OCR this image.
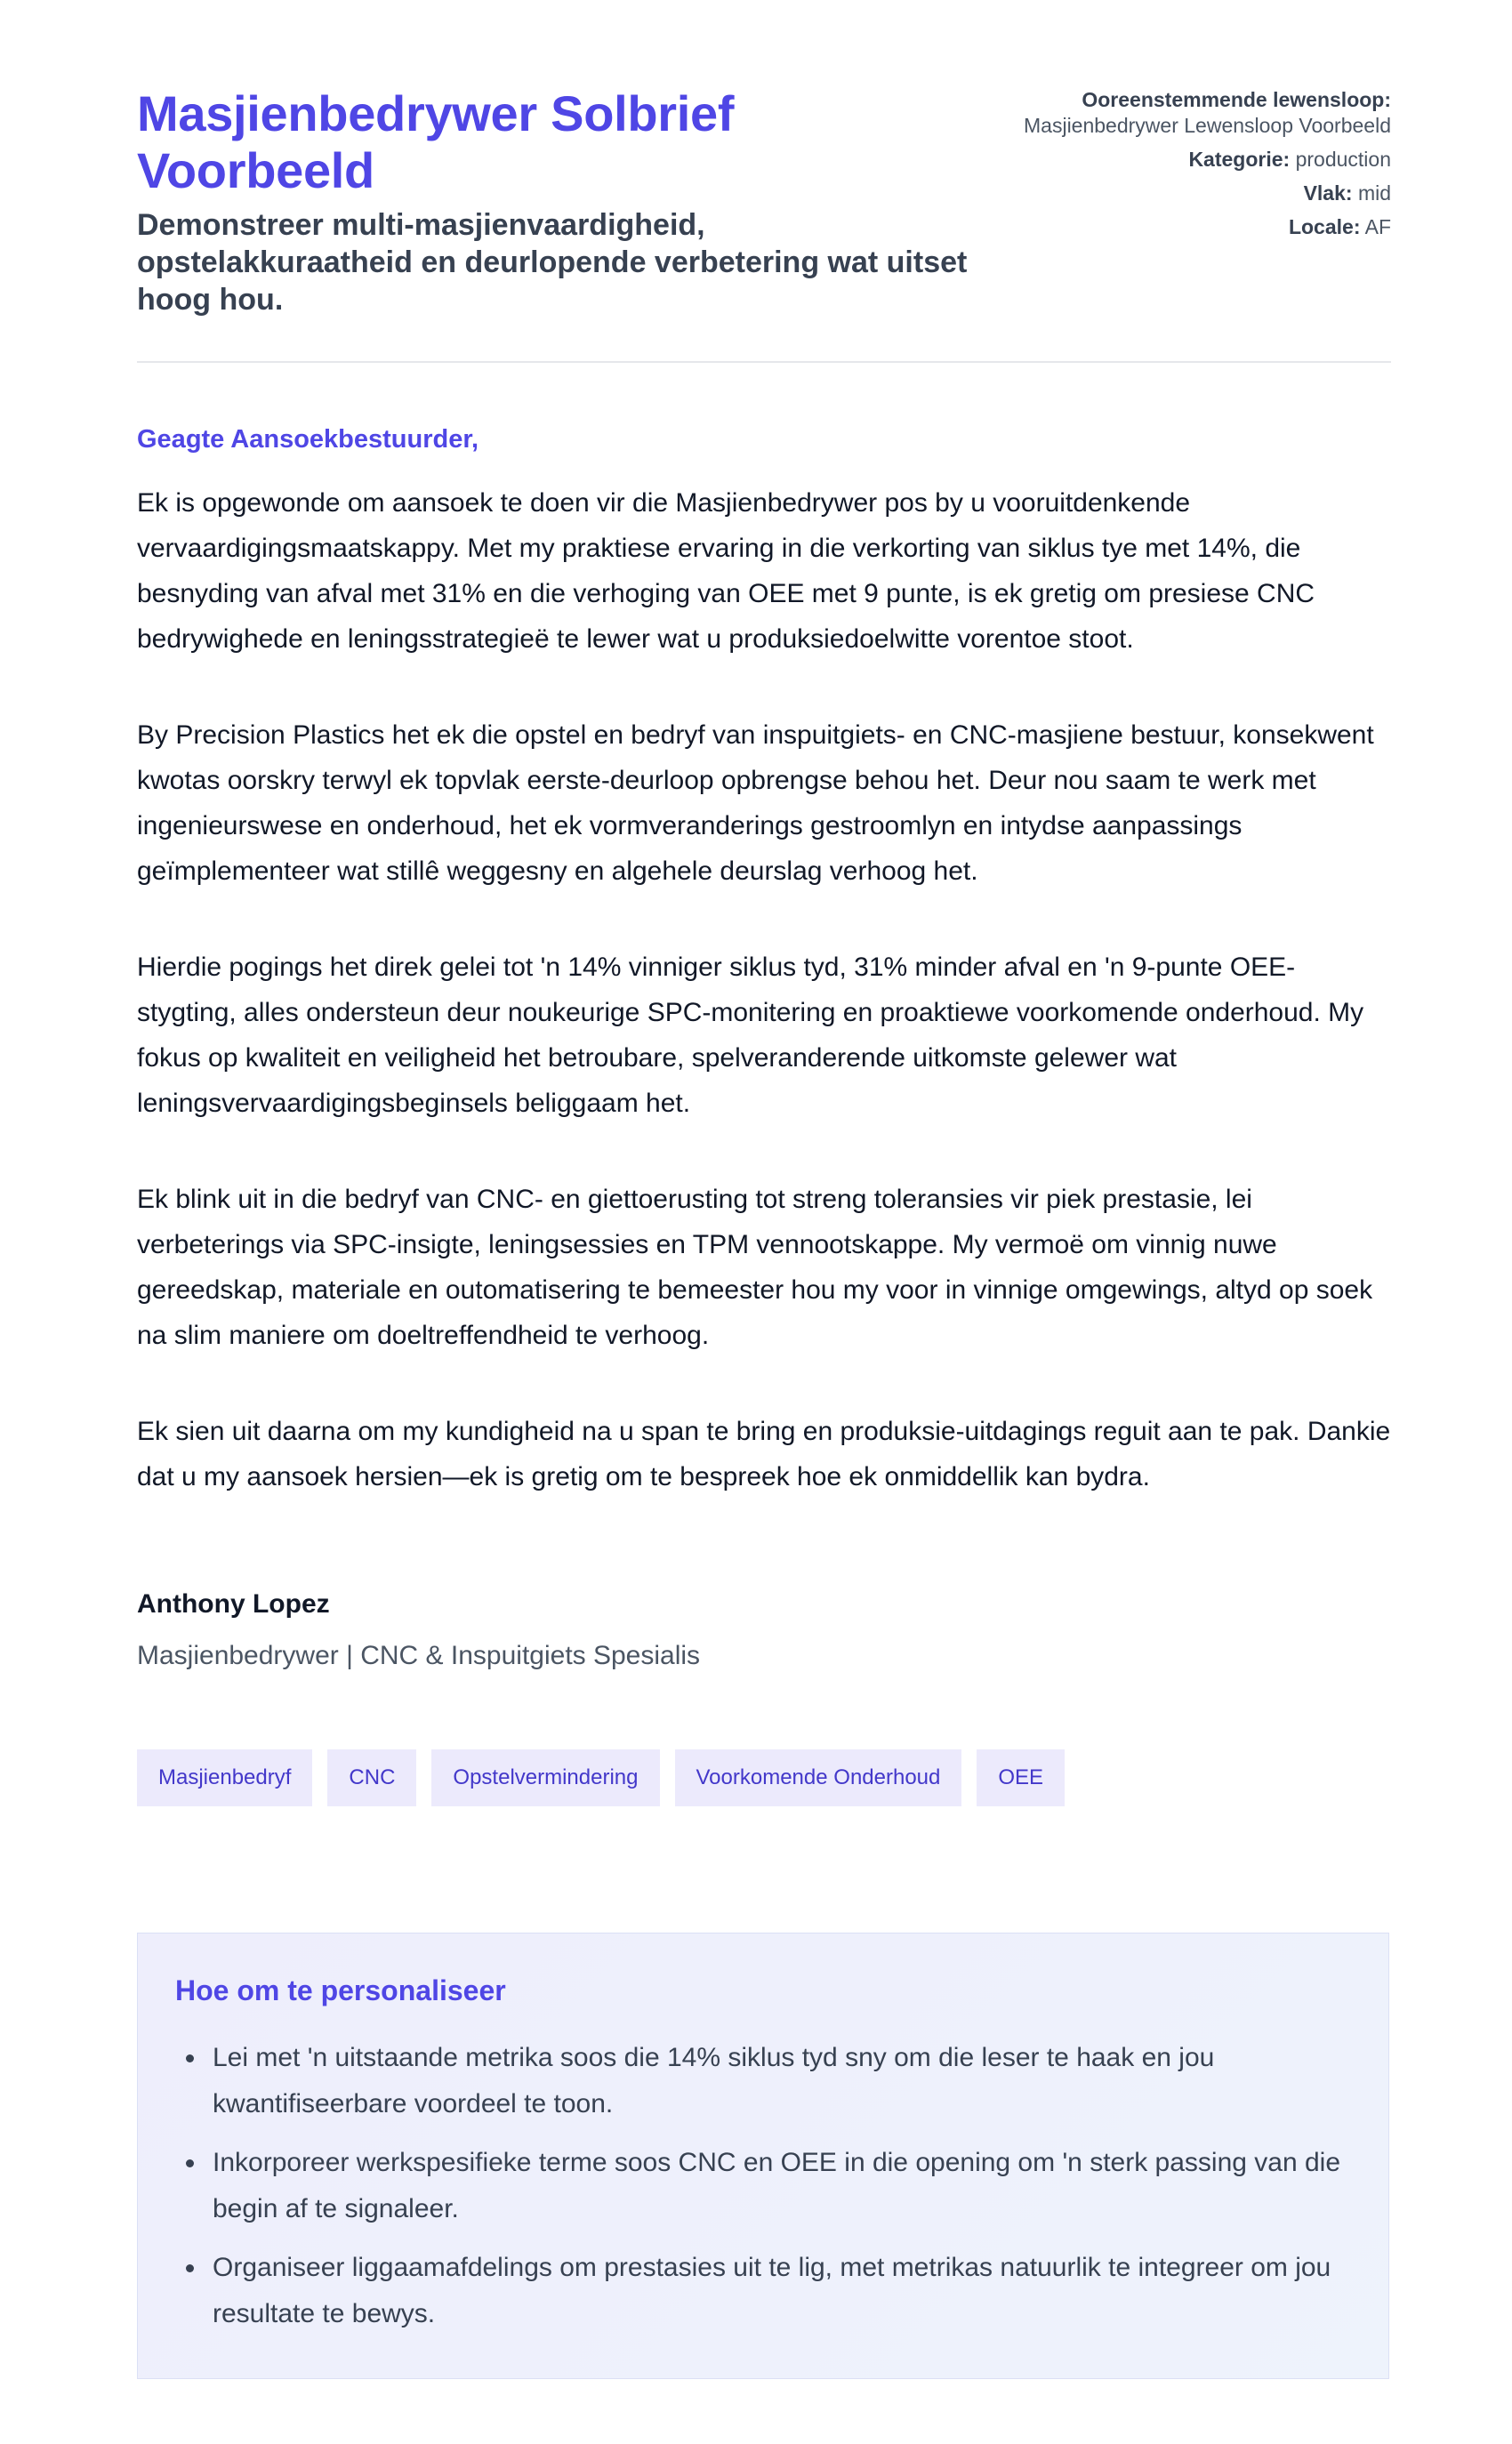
Masjienbedrywer Solbrief Voorbeeld

Demonstreer multi-masjienvaardigheid, opstelakkuraatheid en deurlopende verbetering wat uitset hoog hou.

Ooreenstemmende lewensloop:
Masjienbedrywer Lewensloop Voorbeeld
Kategorie: production
Vlak: mid
Locale: AF
Geagte Aansoekbestuurder,

Ek is opgewonde om aansoek te doen vir die Masjienbedrywer pos by u vooruitdenkende vervaardigingsmaatskappy. Met my praktiese ervaring in die verkorting van siklus tye met 14%, die besnyding van afval met 31% en die verhoging van OEE met 9 punte, is ek gretig om presiese CNC bedrywighede en leningsstrategieë te lewer wat u produksiedoelwitte vorentoe stoot.

By Precision Plastics het ek die opstel en bedryf van inspuitgiets- en CNC-masjiene bestuur, konsekwent kwotas oorskry terwyl ek topvlak eerste-deurloop opbrengse behou het. Deur nou saam te werk met ingenieurswese en onderhoud, het ek vormveranderings gestroomlyn en intydse aanpassings geïmplementeer wat stillê weggesny en algehele deurslag verhoog het.

Hierdie pogings het direk gelei tot 'n 14% vinniger siklus tyd, 31% minder afval en 'n 9-punte OEE-stygting, alles ondersteun deur noukeurige SPC-monitering en proaktiewe voorkomende onderhoud. My fokus op kwaliteit en veiligheid het betroubare, spelveranderende uitkomste gelewer wat leningsvervaardigingsbeginsels beliggaam het.

Ek blink uit in die bedryf van CNC- en giettoerusting tot streng toleransies vir piek prestasie, lei verbeterings via SPC-insigte, leningsessies en TPM vennootskappe. My vermoë om vinnig nuwe gereedskap, materiale en outomatisering te bemeester hou my voor in vinnige omgewings, altyd op soek na slim maniere om doeltreffendheid te verhoog.

Ek sien uit daarna om my kundigheid na u span te bring en produksie-uitdagings reguit aan te pak. Dankie dat u my aansoek hersien—ek is gretig om te bespreek hoe ek onmiddellik kan bydra.

Anthony Lopez
Masjienbedrywer | CNC & Inspuitgiets Spesialis
Masjienbedryf	CNC	Opstelvermindering	Voorkomende Onderhoud	OEE
Hoe om te personaliseer
• Lei met 'n uitstaande metrika soos die 14% siklus tyd sny om die leser te haak en jou kwantifiseerbare voordeel te toon.
• Inkorporeer werkspesifieke terme soos CNC en OEE in die opening om 'n sterk passing van die begin af te signaleer.
• Organiseer liggaamafdelings om prestasies uit te lig, met metrikas natuurlik te integreer om jou resultate te bewys.
